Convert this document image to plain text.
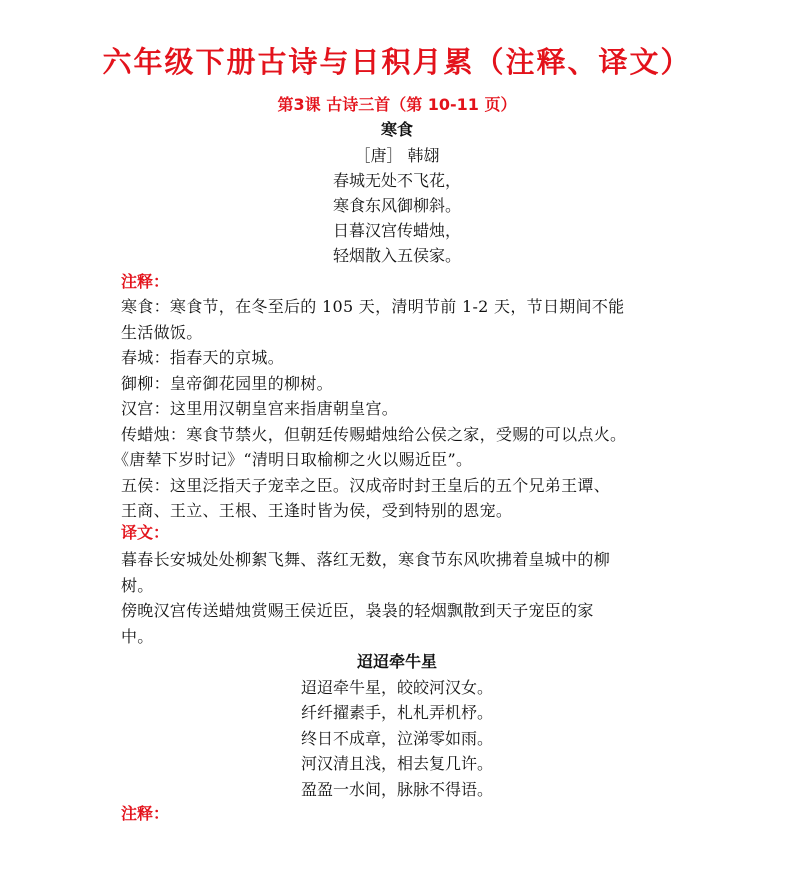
六年级下册古诗与日积月累（注释、译文）
第3课 古诗三首（第 10-11 页）
寒食
［唐］ 韩翃
春城无处不飞花，
寒食东风御柳斜。
日暮汉宫传蜡烛，
轻烟散入五侯家。
注释：
寒食：寒食节，在冬至后的 105 天，清明节前 1-2 天，节日期间不能
生活做饭。
春城：指春天的京城。
御柳：皇帝御花园里的柳树。
汉宫：这里用汉朝皇宫来指唐朝皇宫。
传蜡烛：寒食节禁火，但朝廷传赐蜡烛给公侯之家，受赐的可以点火。
《唐辇下岁时记》“清明日取榆柳之火以赐近臣”。
五侯：这里泛指天子宠幸之臣。汉成帝时封王皇后的五个兄弟王谭、
王商、王立、王根、王逢时皆为侯，受到特别的恩宠。
译文：
暮春长安城处处柳絮飞舞、落红无数，寒食节东风吹拂着皇城中的柳
树。
傍晚汉宫传送蜡烛赏赐王侯近臣，袅袅的轻烟飘散到天子宠臣的家
中。
迢迢牵牛星
迢迢牵牛星，皎皎河汉女。
纤纤擢素手，札札弄机杼。
终日不成章，泣涕零如雨。
河汉清且浅，相去复几许。
盈盈一水间，脉脉不得语。
注释：
